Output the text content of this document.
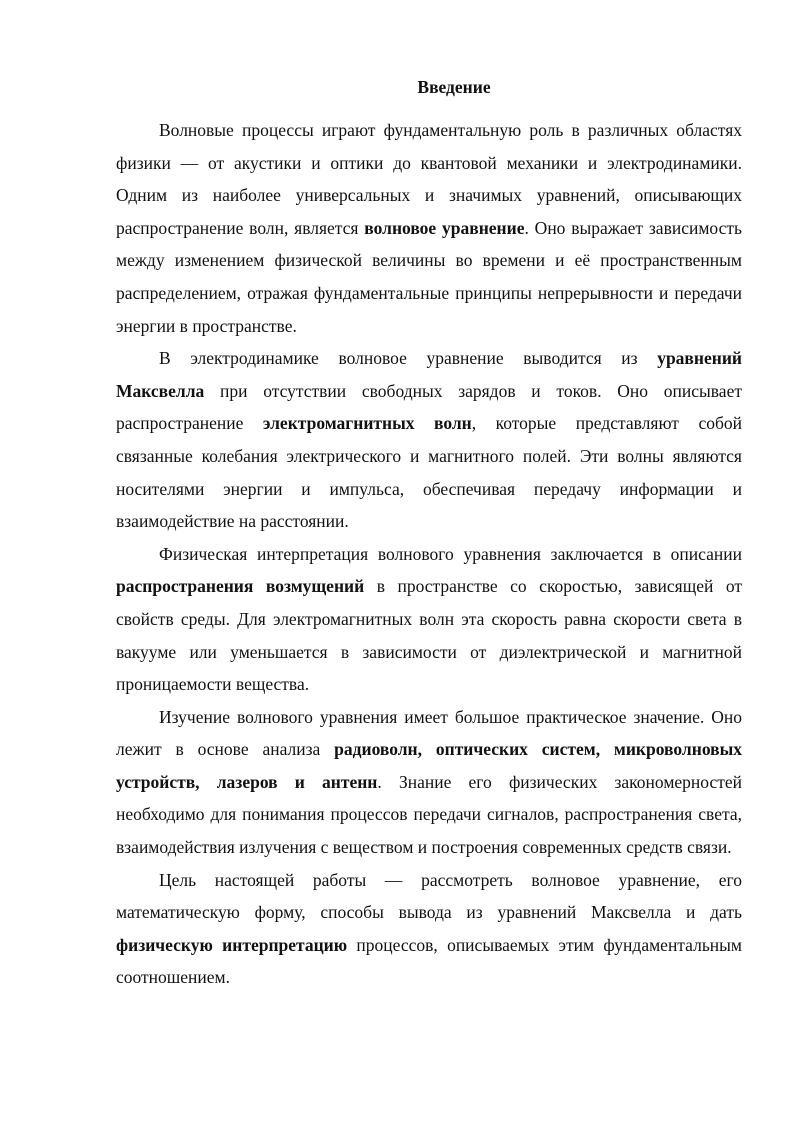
Введение

Волновые процессы играют фундаментальную роль в различных областях физики — от акустики и оптики до квантовой механики и электродинамики. Одним из наиболее универсальных и значимых уравнений, описывающих распространение волн, является волновое уравнение. Оно выражает зависимость между изменением физической величины во времени и её пространственным распределением, отражая фундаментальные принципы непрерывности и передачи энергии в пространстве.

В электродинамике волновое уравнение выводится из уравнений Максвелла при отсутствии свободных зарядов и токов. Оно описывает распространение электромагнитных волн, которые представляют собой связанные колебания электрического и магнитного полей. Эти волны являются носителями энергии и импульса, обеспечивая передачу информации и взаимодействие на расстоянии.

Физическая интерпретация волнового уравнения заключается в описании распространения возмущений в пространстве со скоростью, зависящей от свойств среды. Для электромагнитных волн эта скорость равна скорости света в вакууме или уменьшается в зависимости от диэлектрической и магнитной проницаемости вещества.

Изучение волнового уравнения имеет большое практическое значение. Оно лежит в основе анализа радиоволн, оптических систем, микроволновых устройств, лазеров и антенн. Знание его физических закономерностей необходимо для понимания процессов передачи сигналов, распространения света, взаимодействия излучения с веществом и построения современных средств связи.

Цель настоящей работы — рассмотреть волновое уравнение, его математическую форму, способы вывода из уравнений Максвелла и дать физическую интерпретацию процессов, описываемых этим фундаментальным соотношением.
